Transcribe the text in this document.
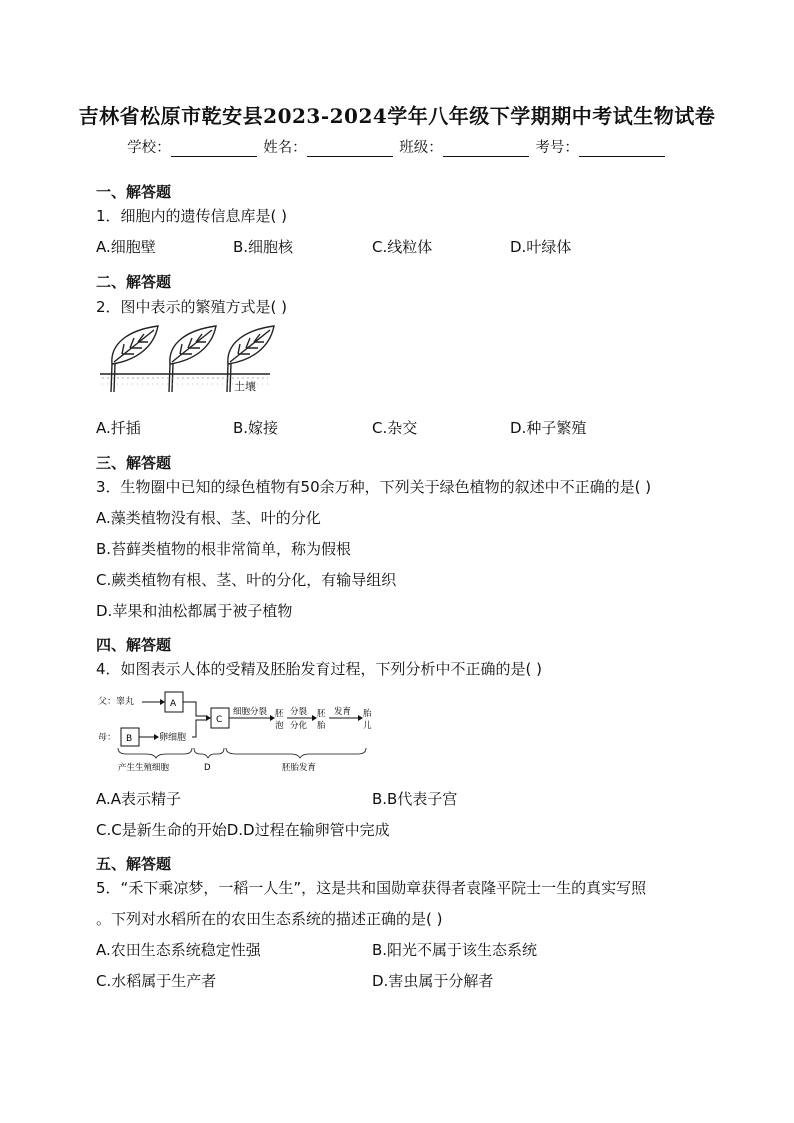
吉林省松原市乾安县2023-2024学年八年级下学期期中考试生物试卷
学校：	姓名：	班级：	考号：
一、解答题
1．细胞内的遗传信息库是( )
A.细胞壁	B.细胞核	C.线粒体	D.叶绿体
二、解答题
2．图中表示的繁殖方式是( )
土壤
A.扦插	B.嫁接	C.杂交	D.种子繁殖
三、解答题
3．生物圈中已知的绿色植物有50余万种，下列关于绿色植物的叙述中不正确的是( )
A.藻类植物没有根、茎、叶的分化
B.苔藓类植物的根非常简单，称为假根
C.蕨类植物有根、茎、叶的分化，有输导组织
D.苹果和油松都属于被子植物
四、解答题
4．如图表示人体的受精及胚胎发育过程，下列分析中不正确的是( )
父：睾丸
母：
A
B	卵细胞
C
细胞分裂 胚
泡
分裂
分化
胚
胎
发育 胎
儿
产生生殖细胞	D	胚胎发育
A.A表示精子	B.B代表子宫
C.C是新生命的开始D.D过程在输卵管中完成
五、解答题
5．“禾下乘凉梦，一稻一人生”，这是共和国勋章获得者袁隆平院士一生的真实写照
。下列对水稻所在的农田生态系统的描述正确的是( )
A.农田生态系统稳定性强	B.阳光不属于该生态系统
C.水稻属于生产者	D.害虫属于分解者
